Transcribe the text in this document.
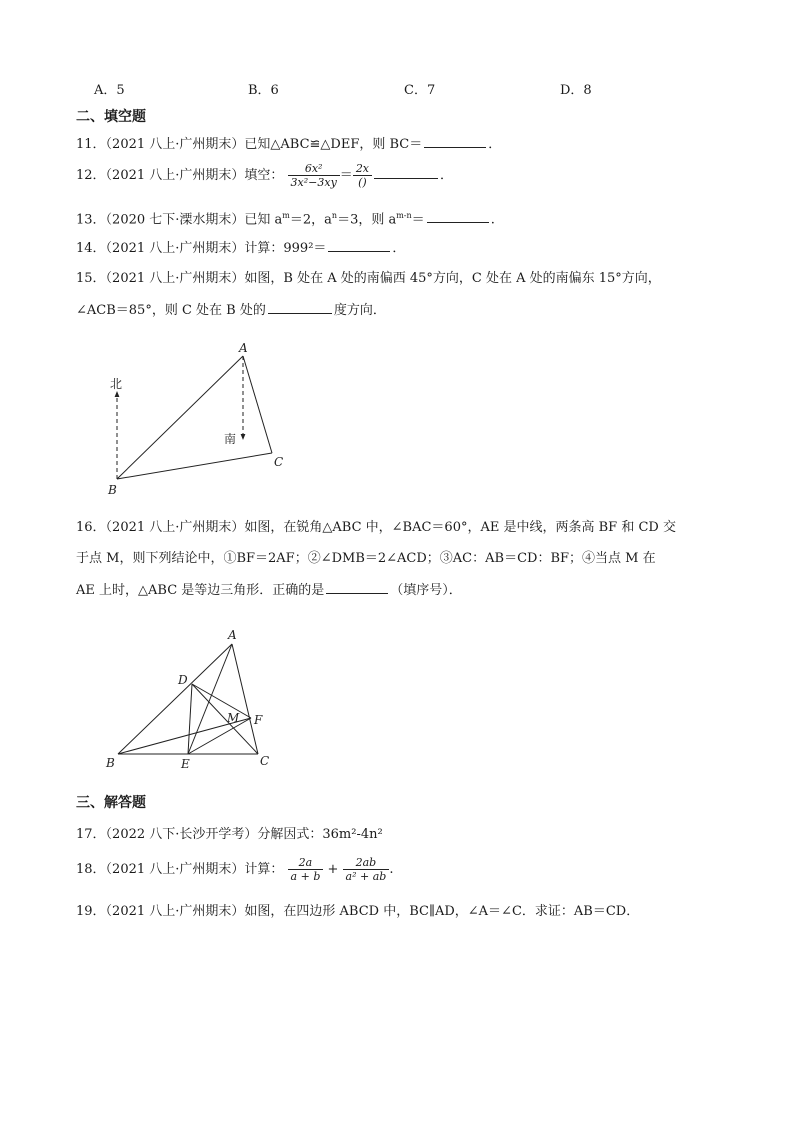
A．5	B．6	C．7	D．8
二、填空题
11．（2021 八上·广州期末）已知△ABC≌△DEF，则 BC＝	．
12．（2021 八上·广州期末）填空： $\frac{\text{6x²}}{\text{3x²−3xy}} = \frac{2x}{()}$	．
13．（2020 七下·溧水期末）已知 $a^m=2$，$a^n=3$，则 $a^{m-n}=$	.
14．（2021 八上·广州期末）计算：999²＝	．
15．（2021 八上·广州期末）如图，B 处在 A 处的南偏西 45°方向，C 处在 A 处的南偏东 15°方向，
∠ACB＝85°，则 C 处在 B 处的	度方向．
A
B
C
北
南
16．（2021 八上·广州期末）如图，在锐角△ABC 中，∠BAC＝60°，AE 是中线，两条高 BF 和 CD 交
于点 M，则下列结论中，①BF＝2AF；②∠DMB＝2∠ACD；③AC：AB＝CD：BF；④当点 M 在
AE 上时，△ABC 是等边三角形．正确的是	（填序号）．
A
B	C
D
E
F
M
三、解答题
17．（2022 八下·长沙开学考）分解因式：36m²-4n²
18．（2021 八上·广州期末）计算： $\frac{2a}{a + b} + \frac{2ab}{\text{a² + ab}}$ .
19．（2021 八上·广州期末）如图，在四边形 ABCD 中，BC∥AD，∠A＝∠C．求证：AB＝CD．
